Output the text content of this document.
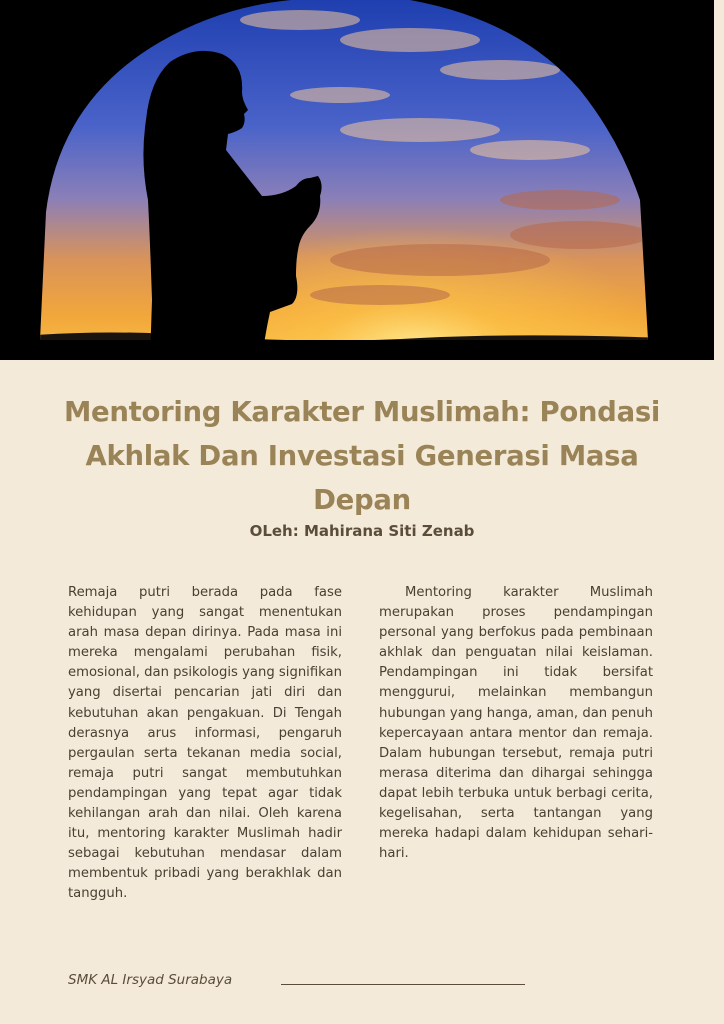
Mentoring Karakter Muslimah: Pondasi Akhlak Dan Investasi Generasi Masa Depan
OLeh: Mahirana Siti Zenab

Remaja putri berada pada fase kehidupan yang sangat menentukan arah masa depan dirinya. Pada masa ini mereka mengalami perubahan fisik, emosional, dan psikologis yang signifikan yang disertai pencarian jati diri dan kebutuhan akan pengakuan. Di Tengah derasnya arus informasi, pengaruh pergaulan serta tekanan media social, remaja putri sangat membutuhkan pendampingan yang tepat agar tidak kehilangan arah dan nilai. Oleh karena itu, mentoring karakter Muslimah hadir sebagai kebutuhan mendasar dalam membentuk pribadi yang berakhlak dan tangguh.

Mentoring karakter Muslimah merupakan proses pendampingan personal yang berfokus pada pembinaan akhlak dan penguatan nilai keislaman. Pendampingan ini tidak bersifat menggurui, melainkan membangun hubungan yang hanga, aman, dan penuh kepercayaan antara mentor dan remaja. Dalam hubungan tersebut, remaja putri merasa diterima dan dihargai sehingga dapat lebih terbuka untuk berbagi cerita, kegelisahan, serta tantangan yang mereka hadapi dalam kehidupan sehari-hari.

SMK AL Irsyad Surabaya
